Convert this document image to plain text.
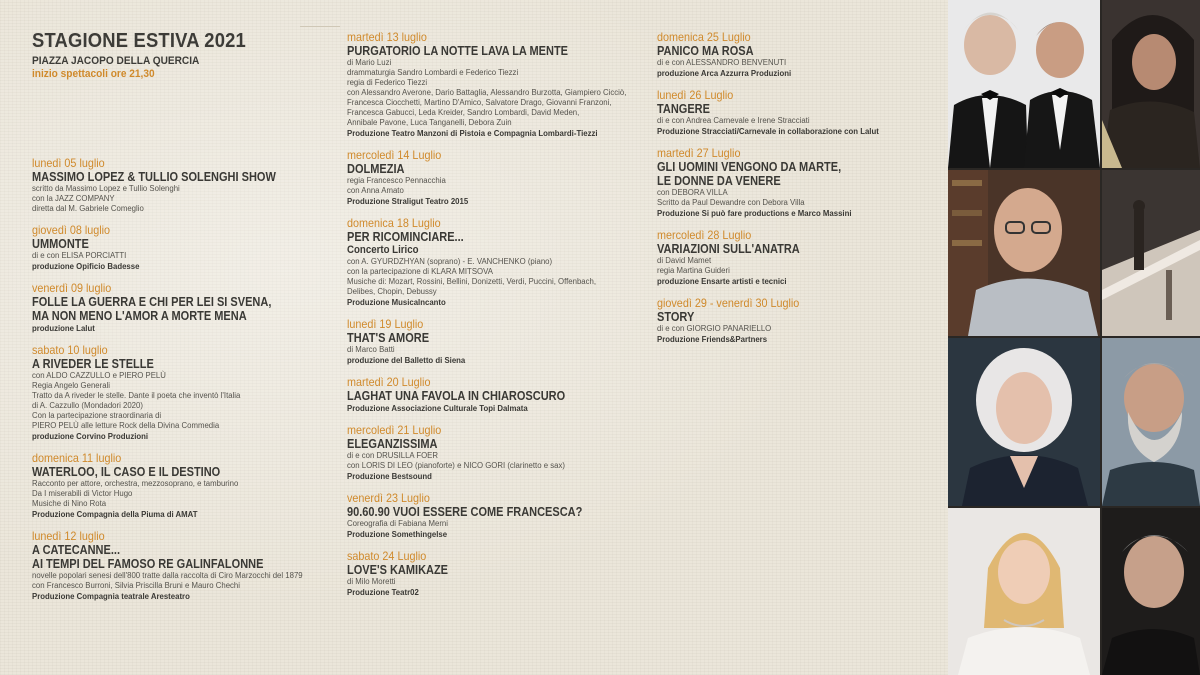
STAGIONE ESTIVA 2021
PIAZZA JACOPO DELLA QUERCIA
inizio spettacoli ore 21,30
lunedì 05 luglio
MASSIMO LOPEZ & TULLIO SOLENGHI SHOW
scritto da Massimo Lopez e Tullio Solenghi
con la JAZZ COMPANY
diretta dal M. Gabriele Comeglio
giovedì 08 luglio
UMMONTE
di e con ELISA PORCIATTI
produzione Opificio Badesse
venerdì 09 luglio
FOLLE LA GUERRA E CHI PER LEI SI SVENA,
MA NON MENO L'AMOR A MORTE MENA
produzione Lalut
sabato 10 luglio
A RIVEDER LE STELLE
con ALDO CAZZULLO e PIERO PELÙ
Regia Angelo Generali
Tratto da A riveder le stelle. Dante il poeta che inventò l'Italia
di A. Cazzullo (Mondadori 2020)
Con la partecipazione straordinaria di
PIERO PELÙ alle letture Rock della Divina Commedia
produzione Corvino Produzioni
domenica 11 luglio
WATERLOO, IL CASO E IL DESTINO
Racconto per attore, orchestra, mezzosoprano, e tamburino
Da I miserabili di Victor Hugo
Musiche di Nino Rota
Produzione Compagnia della Piuma di AMAT
lunedì 12 luglio
A CATECANNE...
AI TEMPI DEL FAMOSO RE GALINFALONNE
novelle popolari senesi dell'800 tratte dalla raccolta di Ciro Marzocchi del 1879
con Francesco Burroni, Silvia Priscilla Bruni e Mauro Chechi
Produzione Compagnia teatrale Aresteatro
martedì 13 luglio
PURGATORIO LA NOTTE LAVA LA MENTE
di Mario Luzi
drammaturgia Sandro Lombardi e Federico Tiezzi
regia di Federico Tiezzi
con Alessandro Averone, Dario Battaglia, Alessandro Burzotta, Giampiero Cicciò,
Francesca Ciocchetti, Martino D'Amico, Salvatore Drago, Giovanni Franzoni,
Francesca Gabucci, Leda Kreider, Sandro Lombardi, David Meden,
Annibale Pavone, Luca Tanganelli, Debora Zuin
Produzione Teatro Manzoni di Pistoia e Compagnia Lombardi-Tiezzi
mercoledì 14 Luglio
DOLMEZIA
regia Francesco Pennacchia
con Anna Amato
Produzione Straligut Teatro 2015
domenica 18 Luglio
PER RICOMINCIARE...
Concerto Lirico
con A. GYURDZHYAN (soprano) - E. VANCHENKO (piano)
con la partecipazione di KLARA MITSOVA
Musiche di: Mozart, Rossini, Bellini, Donizetti, Verdi, Puccini, Offenbach,
Delibes, Chopin, Debussy
Produzione Musicalncanto
lunedì 19 Luglio
THAT'S AMORE
di Marco Batti
produzione del Balletto di Siena
martedì 20 Luglio
LAGHAT UNA FAVOLA IN CHIAROSCURO
Produzione Associazione Culturale Topi Dalmata
mercoledì 21 Luglio
ELEGANZISSIMA
di e con DRUSILLA FOER
con LORIS DI LEO (pianoforte) e NICO GORI (clarinetto e sax)
Produzione Bestsound
venerdì 23 Luglio
90.60.90 VUOI ESSERE COME FRANCESCA?
Coreografia di Fabiana Merni
Produzione Somethingelse
sabato 24 Luglio
LOVE'S KAMIKAZE
di Milo Moretti
Produzione Teatr02
domenica 25 Luglio
PANICO MA ROSA
di e con ALESSANDRO BENVENUTI
produzione Arca Azzurra Produzioni
lunedì 26 Luglio
TANGERE
di e con Andrea Carnevale e Irene Stracciati
Produzione Stracciati/Carnevale in collaborazione con Lalut
martedì 27 Luglio
GLI UOMINI VENGONO DA MARTE,
LE DONNE DA VENERE
con DEBORA VILLA
Scritto da Paul Dewandre con Debora Villa
Produzione Si può fare productions e Marco Massini
mercoledì 28 Luglio
VARIAZIONI SULL'ANATRA
di David Mamet
regia Martina Guideri
produzione Ensarte artisti e tecnici
giovedì 29 - venerdì 30 Luglio
STORY
di e con GIORGIO PANARIELLO
Produzione Friends&Partners
